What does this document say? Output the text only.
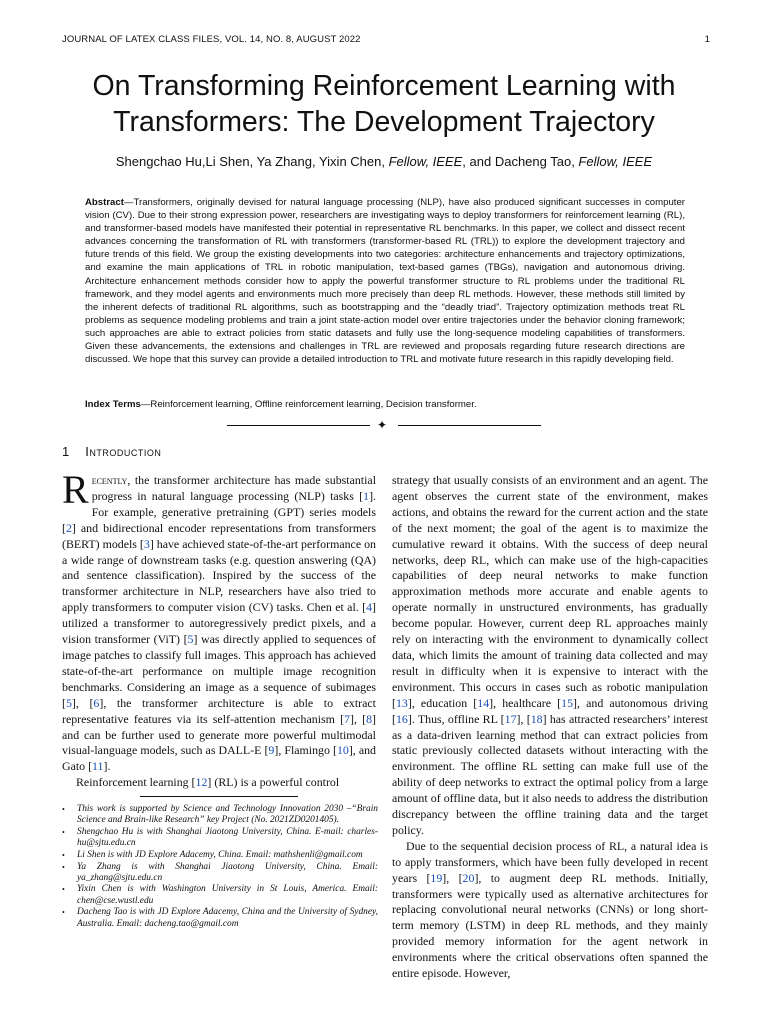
JOURNAL OF LATEX CLASS FILES, VOL. 14, NO. 8, AUGUST 2022	1
On Transforming Reinforcement Learning with
Transformers: The Development Trajectory
Shengchao Hu,Li Shen, Ya Zhang, Yixin Chen, Fellow, IEEE, and Dacheng Tao, Fellow, IEEE
Abstract—Transformers, originally devised for natural language processing (NLP), have also produced significant successes in computer vision (CV). Due to their strong expression power, researchers are investigating ways to deploy transformers for reinforcement learning (RL), and transformer-based models have manifested their potential in representative RL benchmarks. In this paper, we collect and dissect recent advances concerning the transformation of RL with transformers (transformer-based RL (TRL)) to explore the development trajectory and future trends of this field. We group the existing developments into two categories: architecture enhancements and trajectory optimizations, and examine the main applications of TRL in robotic manipulation, text-based games (TBGs), navigation and autonomous driving. Architecture enhancement methods consider how to apply the powerful transformer structure to RL problems under the traditional RL framework, and they model agents and environments much more precisely than deep RL methods. However, these methods still limited by the inherent defects of traditional RL algorithms, such as bootstrapping and the “deadly triad”. Trajectory optimization methods treat RL problems as sequence modeling problems and train a joint state-action model over entire trajectories under the behavior cloning framework; such approaches are able to extract policies from static datasets and fully use the long-sequence modeling capabilities of transformers. Given these advancements, the extensions and challenges in TRL are reviewed and proposals regarding future research directions are discussed. We hope that this survey can provide a detailed introduction to TRL and motivate future research in this rapidly developing field.
Index Terms—Reinforcement learning, Offline reinforcement learning, Decision transformer.
✦
1 Introduction

Recently, the transformer architecture has made substantial progress in natural language processing (NLP) tasks [1]. For example, generative pretraining (GPT) series models [2] and bidirectional encoder representations from transformers (BERT) models [3] have achieved state-of-the-art performance on a wide range of downstream tasks (e.g. question answering (QA) and sentence classification). Inspired by the success of the transformer architecture in NLP, researchers have also tried to apply transformers to computer vision (CV) tasks. Chen et al. [4] utilized a transformer to autoregressively predict pixels, and a vision transformer (ViT) [5] was directly applied to sequences of image patches to classify full images. This approach has achieved state-of-the-art performance on multiple image recognition benchmarks. Considering an image as a sequence of subimages [5], [6], the transformer architecture is able to extract representative features via its self-attention mechanism [7], [8] and can be further used to generate more powerful multimodal visual-language models, such as DALL-E [9], Flamingo [10], and Gato [11].

Reinforcement learning [12] (RL) is a powerful control

• This work is supported by Science and Technology Innovation 2030 –“Brain Science and Brain-like Research” key Project (No. 2021ZD0201405).
• Shengchao Hu is with Shanghai Jiaotong University, China. E-mail: charles-hu@sjtu.edu.cn
• Li Shen is with JD Explore Adacemy, China. Email: mathshenli@gmail.com
• Ya Zhang is with Shanghai Jiaotong University, China. Email: ya_zhang@sjtu.edu.cn
• Yixin Chen is with Washington University in St Louis, America. Email: chen@cse.wustl.edu
• Dacheng Tao is with JD Explore Adacemy, China and the University of Sydney, Australia. Email: dacheng.tao@gmail.com

strategy that usually consists of an environment and an agent. The agent observes the current state of the environment, makes actions, and obtains the reward for the current action and the state of the next moment; the goal of the agent is to maximize the cumulative reward it obtains. With the success of deep neural networks, deep RL, which can make use of the high-capacities capabilities of deep neural networks to make function approximation methods more accurate and enable agents to operate normally in unstructured environments, has gradually become popular. However, current deep RL approaches mainly rely on interacting with the environment to dynamically collect data, which limits the amount of training data collected and may result in difficulty when it is expensive to interact with the environment. This occurs in cases such as robotic manipulation [13], education [14], healthcare [15], and autonomous driving [16]. Thus, offline RL [17], [18] has attracted researchers’ interest as a data-driven learning method that can extract policies from static previously collected datasets without interacting with the environment. The offline RL setting can make full use of the ability of deep networks to extract the optimal policy from a large amount of offline data, but it also needs to address the distribution discrepancy between the offline training data and the target policy.

Due to the sequential decision process of RL, a natural idea is to apply transformers, which have been fully developed in recent years [19], [20], to augment deep RL methods. Initially, transformers were typically used as alternative architectures for replacing convolutional neural networks (CNNs) or long short-term memory (LSTM) in deep RL methods, and they mainly provided memory information for the agent network in environments where the critical observations often spanned the entire episode. However,
